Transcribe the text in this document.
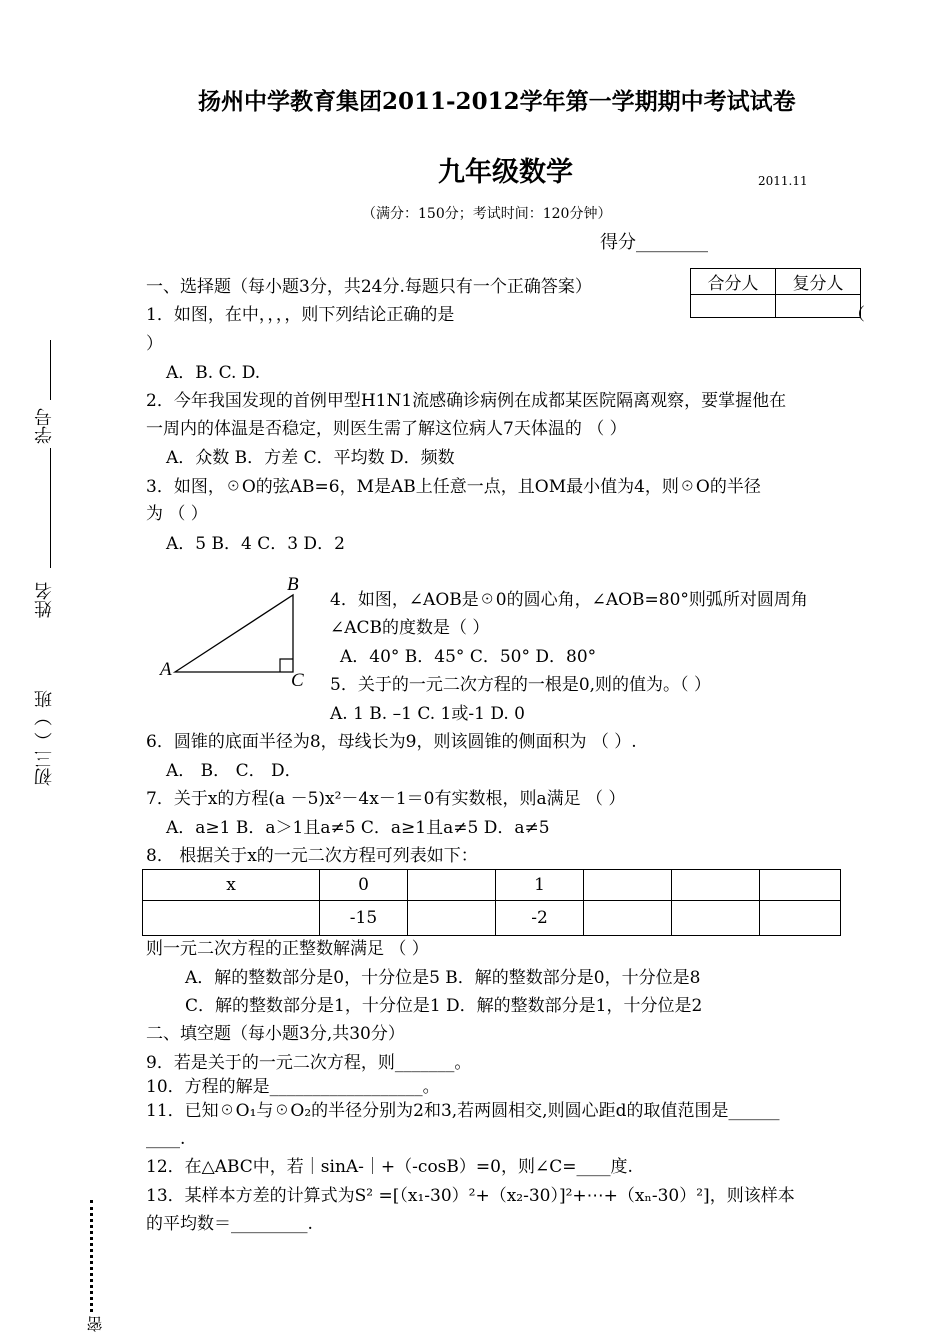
扬州中学教育集团2011-2012学年第一学期期中考试试卷
九年级数学	2011.11
（满分：150分；考试时间：120分钟）
得分________
合分人	复分人

学号
姓名
初三（ ）班
密
一、选择题（每小题3分，共24分.每题只有一个正确答案）
1．如图，在中，，，，则下列结论正确的是	（
）
A．B. C. D.
2．今年我国发现的首例甲型H1N1流感确诊病例在成都某医院隔离观察，要掌握他在
一周内的体温是否稳定，则医生需了解这位病人7天体温的 （ ）
A．众数 B．方差 C．平均数 D．频数
3．如图，☉O的弦AB=6，M是AB上任意一点，且OM最小值为4，则☉O的半径
为 （ ）
A．5 B．4 C．3 D．2
B
A
C
4．如图，∠AOB是☉0的圆心角，∠AOB=80°则弧所对圆周角
∠ACB的度数是（ ）
A．40° B．45° C．50° D．80°
5．关于的一元二次方程的一根是0,则的值为。（ ）
A. 1 B. –1 C. 1或-1 D. 0
6．圆锥的底面半径为8，母线长为9，则该圆锥的侧面积为 （ ）.
A． B． C． D．
7．关于x的方程(a －5)x²－4x－1＝0有实数根，则a满足 （ ）
A．a≥1 B．a＞1且a≠5 C．a≥1且a≠5 D．a≠5
8． 根据关于x的一元二次方程可列表如下：
x	0		1			
	-15		-2			
则一元二次方程的正整数解满足 （ ）
A．解的整数部分是0，十分位是5 B．解的整数部分是0，十分位是8
C．解的整数部分是1，十分位是1 D．解的整数部分是1，十分位是2
二、填空题（每小题3分,共30分）
9．若是关于的一元二次方程，则_______。
10．方程的解是__________________。
11．已知☉O₁与☉O₂的半径分别为2和3,若两圆相交,则圆心距d的取值范围是______
____.
12．在△ABC中，若｜sinA-｜+（-cosB）=0，则∠C=____度.
13．某样本方差的计算式为S² =[（x₁-30）²+（x₂-30）]²+⋯+（xₙ-30）²]，则该样本
的平均数＝_________.
